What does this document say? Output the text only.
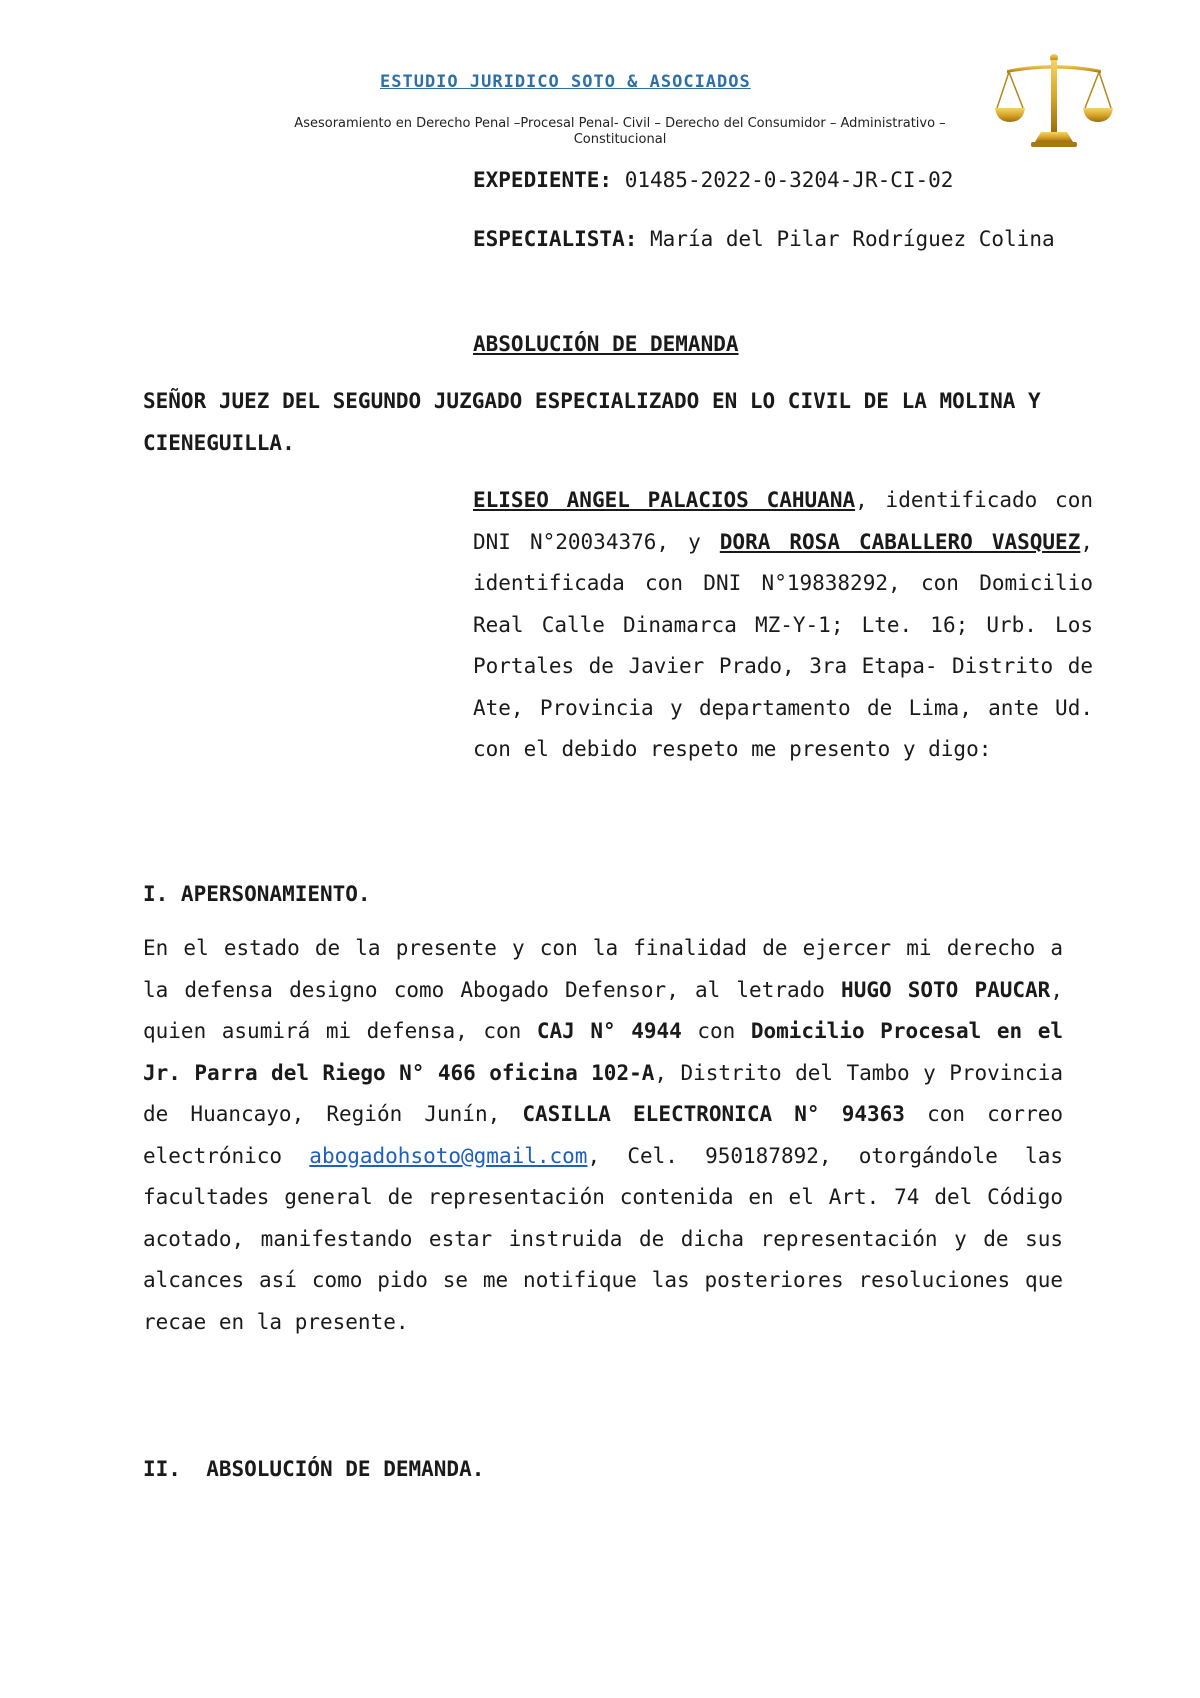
ESTUDIO JURIDICO SOTO & ASOCIADOS
Asesoramiento en Derecho Penal –Procesal Penal- Civil – Derecho del Consumidor – Administrativo – Constitucional
EXPEDIENTE: 01485-2022-0-3204-JR-CI-02
ESPECIALISTA: María del Pilar Rodríguez Colina
ABSOLUCIÓN DE DEMANDA
SEÑOR JUEZ DEL SEGUNDO JUZGADO ESPECIALIZADO EN LO CIVIL DE LA MOLINA Y CIENEGUILLA.
ELISEO ANGEL PALACIOS CAHUANA, identificado con DNI N°20034376, y DORA ROSA CABALLERO VASQUEZ, identificada con DNI N°19838292, con Domicilio Real Calle Dinamarca MZ-Y-1; Lte. 16; Urb. Los Portales de Javier Prado, 3ra Etapa- Distrito de Ate, Provincia y departamento de Lima, ante Ud. con el debido respeto me presento y digo:
I. APERSONAMIENTO.
En el estado de la presente y con la finalidad de ejercer mi derecho a la defensa designo como Abogado Defensor, al letrado HUGO SOTO PAUCAR, quien asumirá mi defensa, con CAJ N° 4944 con Domicilio Procesal en el Jr. Parra del Riego N° 466 oficina 102-A, Distrito del Tambo y Provincia de Huancayo, Región Junín, CASILLA ELECTRONICA N° 94363 con correo electrónico abogadohsoto@gmail.com, Cel. 950187892, otorgándole las facultades general de representación contenida en el Art. 74 del Código acotado, manifestando estar instruida de dicha representación y de sus alcances así como pido se me notifique las posteriores resoluciones que recae en la presente.
II.  ABSOLUCIÓN DE DEMANDA.
